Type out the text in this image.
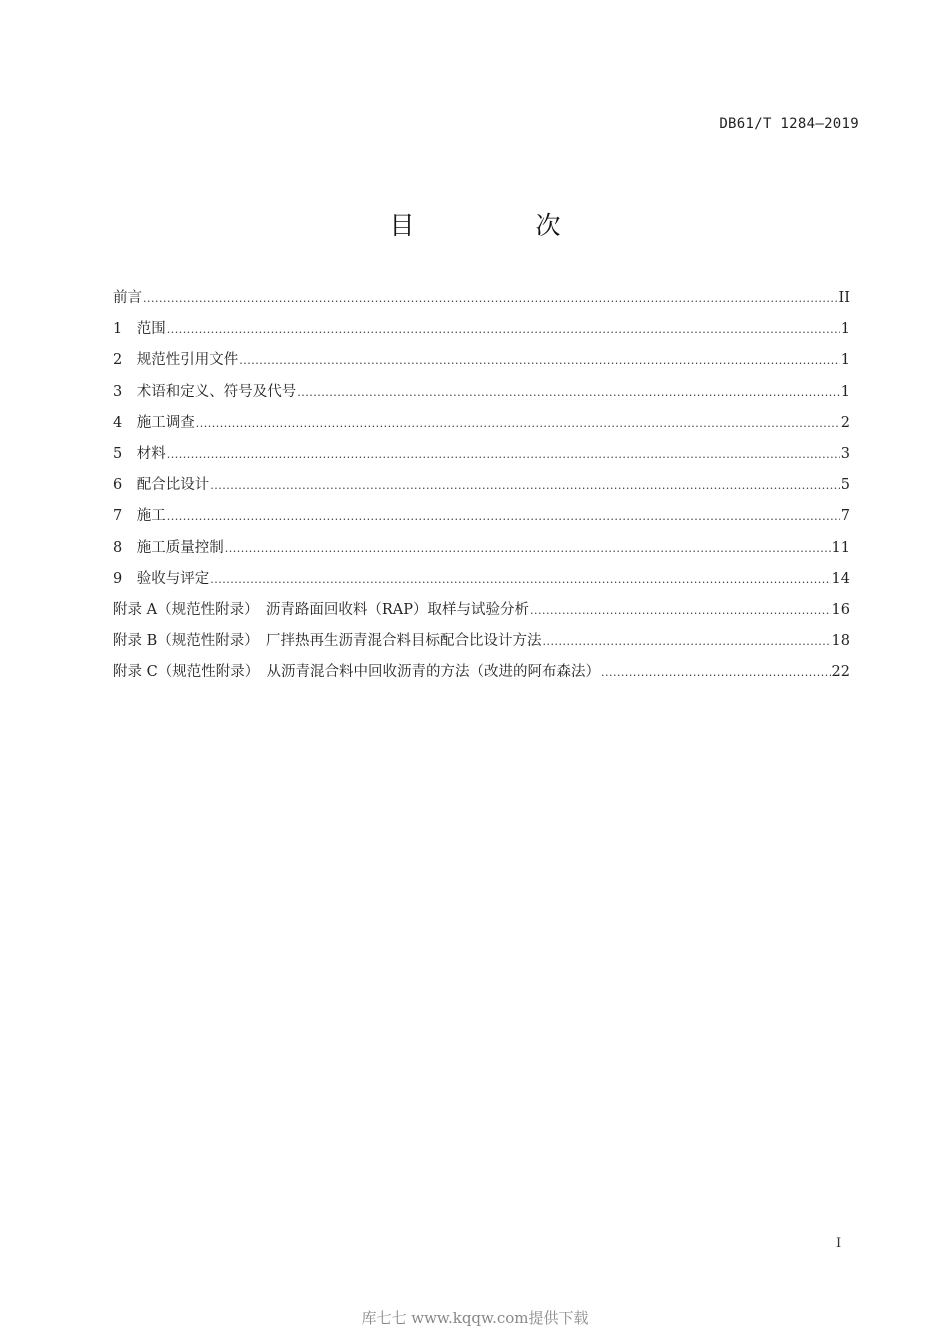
DB61/T 1284—2019
目　次
前言 .....	II
1　范围 .....	1
2　规范性引用文件 .....	1
3　术语和定义、符号及代号 .....	1
4　施工调查 .....	2
5　材料 .....	3
6　配合比设计 .....	5
7　施工 .....	7
8　施工质量控制 .....	11
9　验收与评定 .....	14
附录 A（规范性附录）　沥青路面回收料（RAP）取样与试验分析 .....	16
附录 B（规范性附录）　厂拌热再生沥青混合料目标配合比设计方法 .....	18
附录 C（规范性附录）　从沥青混合料中回收沥青的方法（改进的阿布森法） .....	22
I
库七七 www.kqqw.com提供下载
